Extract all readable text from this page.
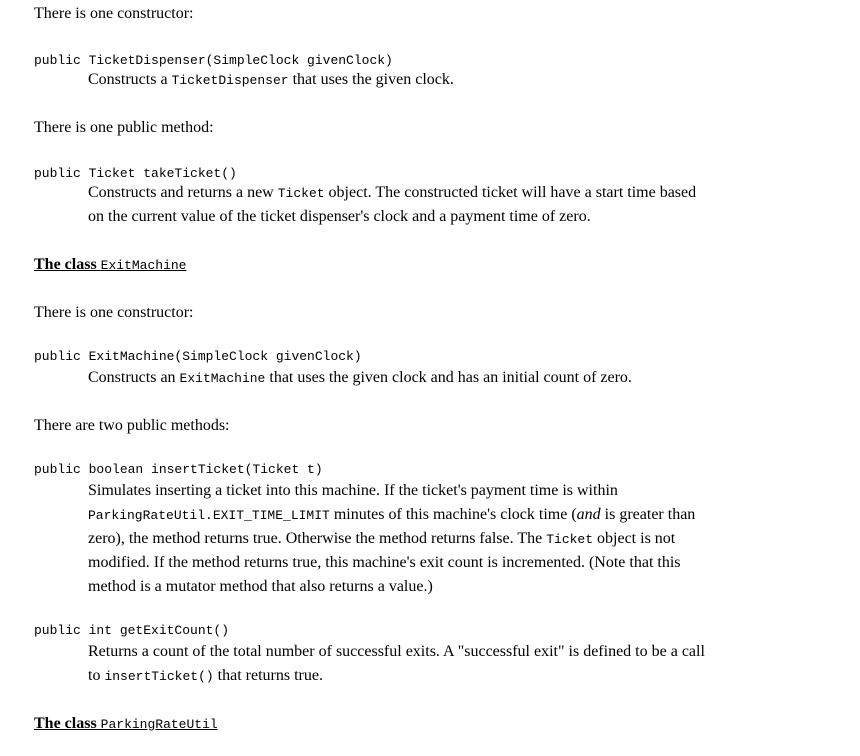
There is one constructor:
public TicketDispenser(SimpleClock givenClock)
Constructs a TicketDispenser that uses the given clock.
There is one public method:
public Ticket takeTicket()
Constructs and returns a new Ticket object. The constructed ticket will have a start time based
on the current value of the ticket dispenser's clock and a payment time of zero.
The class ExitMachine
There is one constructor:
public ExitMachine(SimpleClock givenClock)
Constructs an ExitMachine that uses the given clock and has an initial count of zero.
There are two public methods:
public boolean insertTicket(Ticket t)
Simulates inserting a ticket into this machine. If the ticket's payment time is within
ParkingRateUtil.EXIT_TIME_LIMIT minutes of this machine's clock time (and is greater than
zero), the method returns true. Otherwise the method returns false. The Ticket object is not
modified. If the method returns true, this machine's exit count is incremented. (Note that this
method is a mutator method that also returns a value.)
public int getExitCount()
Returns a count of the total number of successful exits. A "successful exit" is defined to be a call
to insertTicket() that returns true.
The class ParkingRateUtil
